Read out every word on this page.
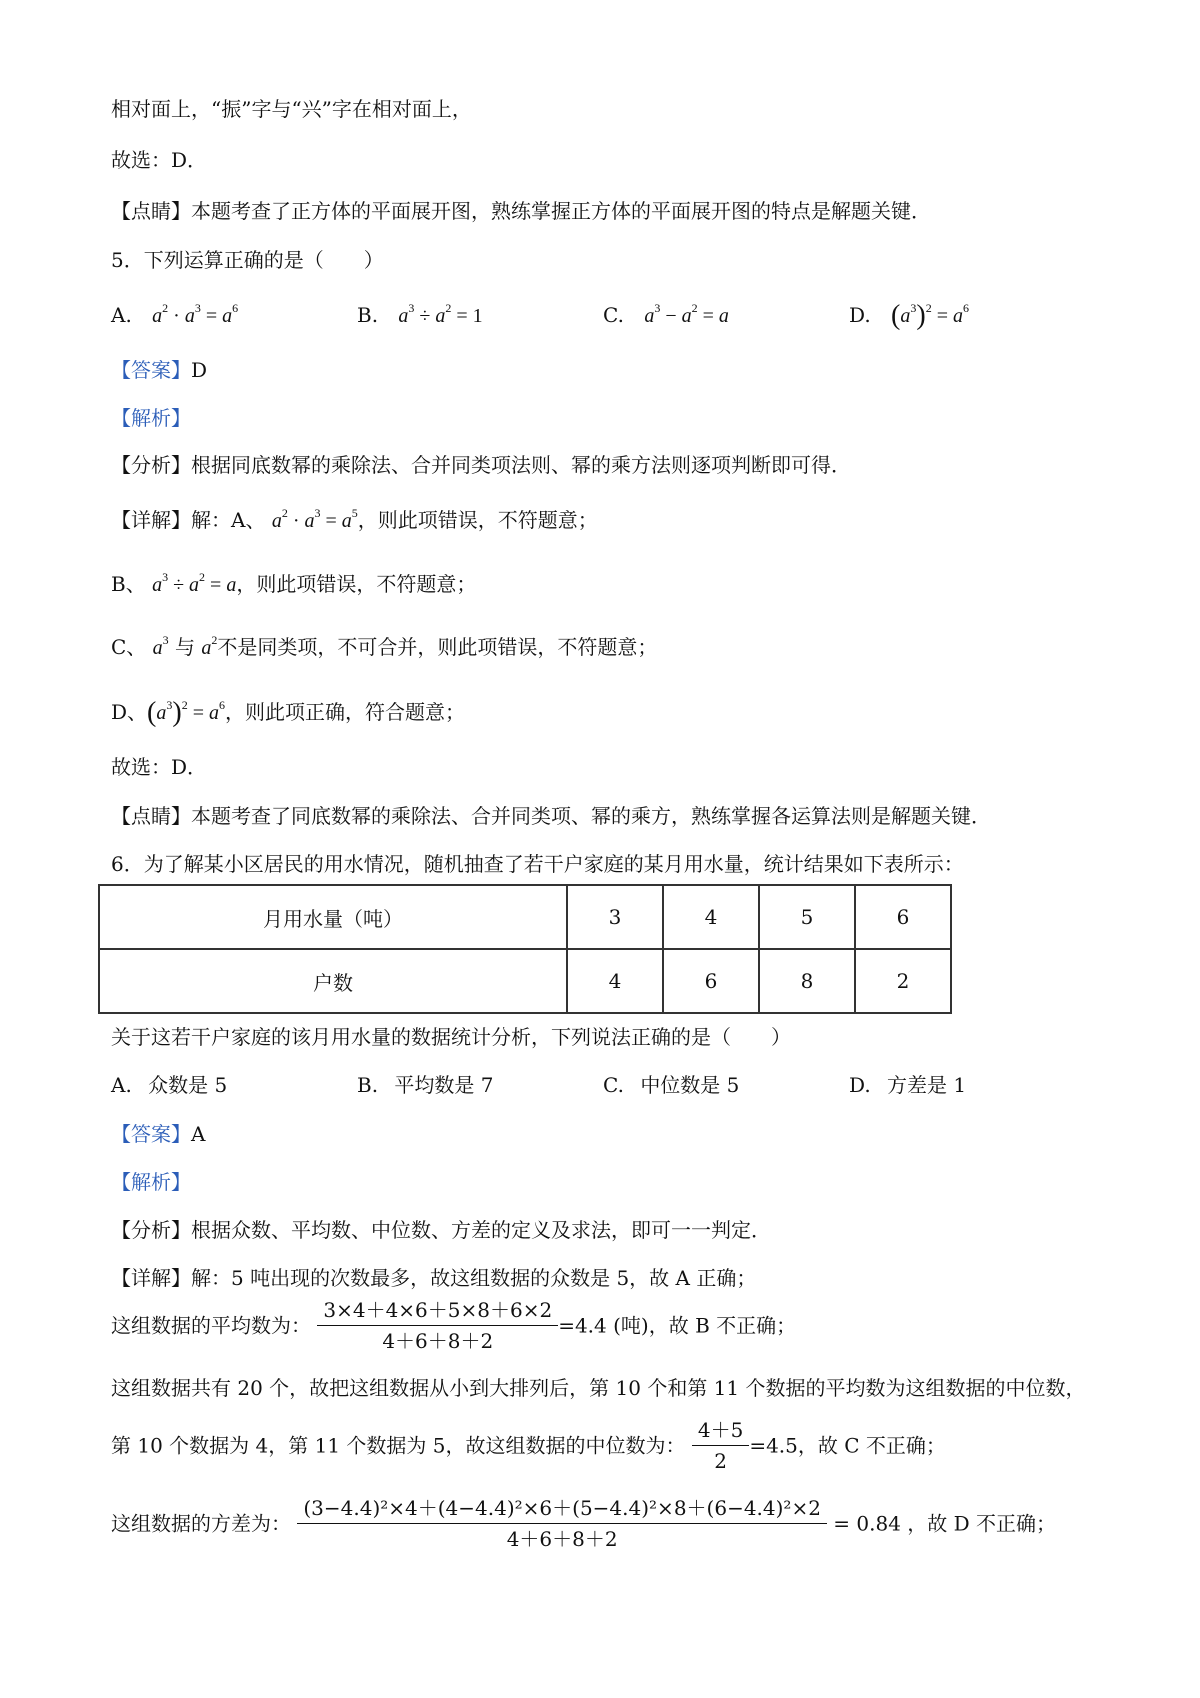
相对面上，“振”字与“兴”字在相对面上，
故选：D．
【点睛】本题考查了正方体的平面展开图，熟练掌握正方体的平面展开图的特点是解题关键．
5．下列运算正确的是（　　）
A. $a^2 \cdot a^3 = a^6$	B. $a^3 \div a^2 = 1$	C. $a^3 - a^2 = a$	D. $(a^3)^2 = a^6$
【答案】D
【解析】
【分析】根据同底数幂的乘除法、合并同类项法则、幂的乘方法则逐项判断即可得．
【详解】解：A、 $a^2 \cdot a^3 = a^5$，则此项错误，不符题意；
B、 $a^3 \div a^2 = a$，则此项错误，不符题意；
C、 $a^3$ 与 $a^2$不是同类项，不可合并，则此项错误，不符题意；
D、$(a^3)^2 = a^6$，则此项正确，符合题意；
故选：D．
【点睛】本题考查了同底数幂的乘除法、合并同类项、幂的乘方，熟练掌握各运算法则是解题关键．
6．为了解某小区居民的用水情况，随机抽查了若干户家庭的某月用水量，统计结果如下表所示：
月用水量（吨）	3	4	5	6
户数	4	6	8	2
关于这若干户家庭的该月用水量的数据统计分析，下列说法正确的是（　　）
A. 众数是 5	B. 平均数是 7	C. 中位数是 5	D. 方差是 1
【答案】A
【解析】
【分析】根据众数、平均数、中位数、方差的定义及求法，即可一一判定．
【详解】解：5 吨出现的次数最多，故这组数据的众数是 5，故 A 正确；
这组数据的平均数为： $\frac{3\times 4+4\times 6+5\times 8+6\times 2}{4+6+8+2} =4.4$ (吨)，故 B 不正确；
这组数据共有 20 个，故把这组数据从小到大排列后，第 10 个和第 11 个数据的平均数为这组数据的中位数，
第 10 个数据为 4，第 11 个数据为 5，故这组数据的中位数为： $\frac{4+5}{2} =4.5$，故 C 不正确；
这组数据的方差为： $\frac{\text{(3−4.4)²×4＋(4−4.4)²×6＋(5−4.4)²×8＋(6−4.4)²×2}}{4+6+8+2} = 0.84$ ，故 D 不正确；
